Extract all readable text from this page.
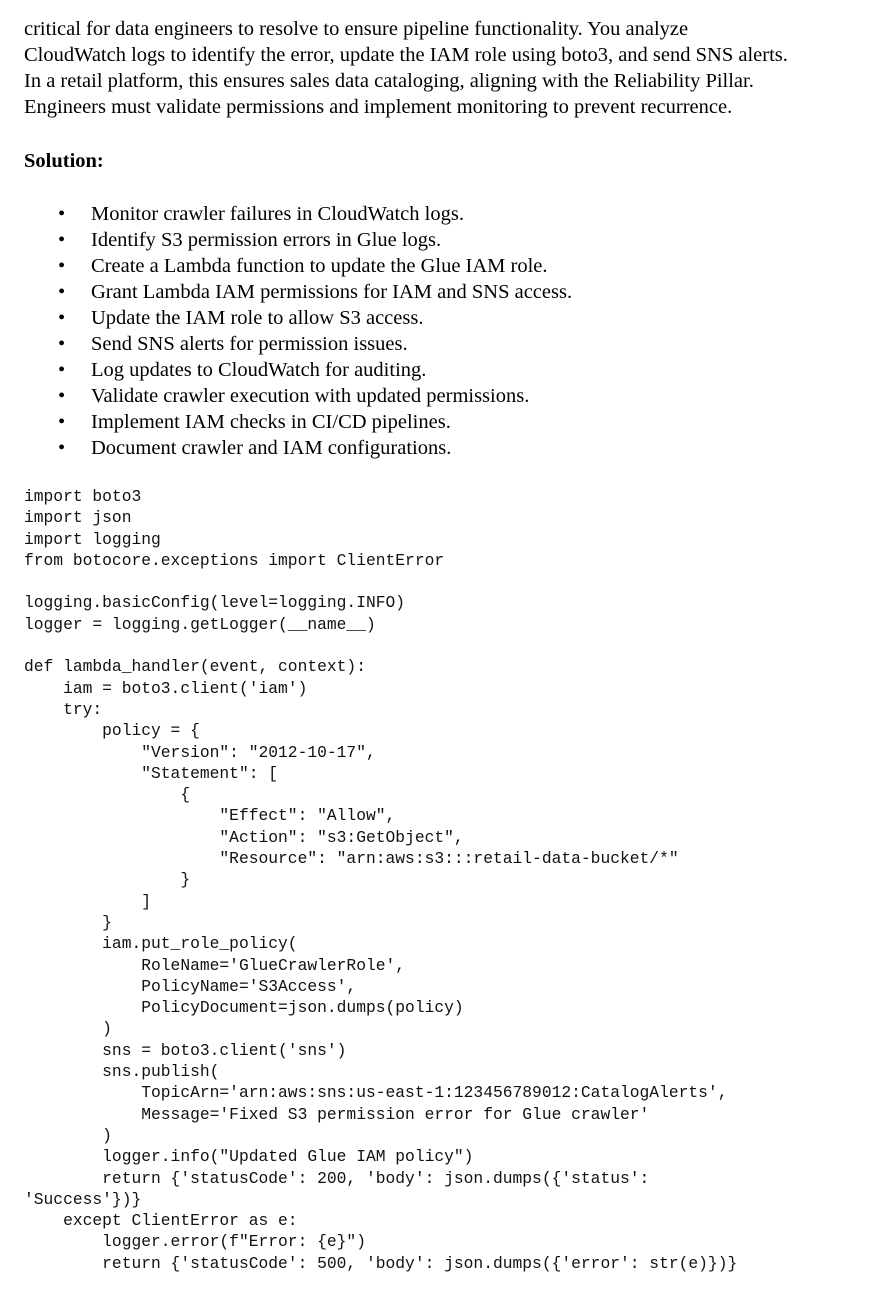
critical for data engineers to resolve to ensure pipeline functionality. You analyze
CloudWatch logs to identify the error, update the IAM role using boto3, and send SNS alerts.
In a retail platform, this ensures sales data cataloging, aligning with the Reliability Pillar.
Engineers must validate permissions and implement monitoring to prevent recurrence.

Solution:
• Monitor crawler failures in CloudWatch logs.
• Identify S3 permission errors in Glue logs.
• Create a Lambda function to update the Glue IAM role.
• Grant Lambda IAM permissions for IAM and SNS access.
• Update the IAM role to allow S3 access.
• Send SNS alerts for permission issues.
• Log updates to CloudWatch for auditing.
• Validate crawler execution with updated permissions.
• Implement IAM checks in CI/CD pipelines.
• Document crawler and IAM configurations.
import boto3
import json
import logging
from botocore.exceptions import ClientError

logging.basicConfig(level=logging.INFO)
logger = logging.getLogger(__name__)

def lambda_handler(event, context):
iam = boto3.client('iam')
try:
policy = {
"Version": "2012-10-17",
"Statement": [
{
"Effect": "Allow",
"Action": "s3:GetObject",
"Resource": "arn:aws:s3:::retail-data-bucket/*"
}
]
}
iam.put_role_policy(
RoleName='GlueCrawlerRole',
PolicyName='S3Access',
PolicyDocument=json.dumps(policy)
)
sns = boto3.client('sns')
sns.publish(
TopicArn='arn:aws:sns:us-east-1:123456789012:CatalogAlerts',
Message='Fixed S3 permission error for Glue crawler'
)
logger.info("Updated Glue IAM policy")
return {'statusCode': 200, 'body': json.dumps({'status':
'Success'})}
except ClientError as e:
logger.error(f"Error: {e}")
return {'statusCode': 500, 'body': json.dumps({'error': str(e)})}
